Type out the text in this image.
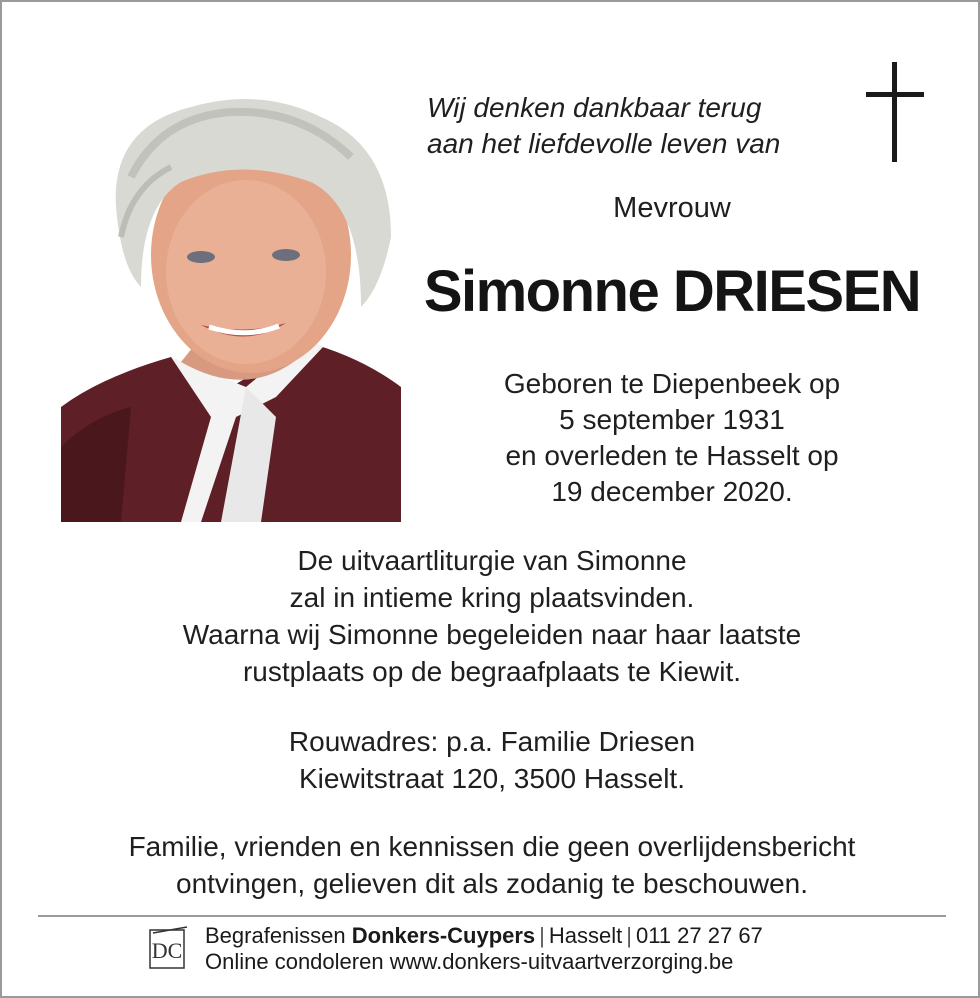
Wij denken dankbaar terug
aan het liefdevolle leven van
Mevrouw
Simonne DRIESEN
Geboren te Diepenbeek op
5 september 1931
en overleden te Hasselt op
19 december 2020.
De uitvaartliturgie van Simonne
zal in intieme kring plaatsvinden.
Waarna wij Simonne begeleiden naar haar laatste
rustplaats op de begraafplaats te Kiewit.
Rouwadres: p.a. Familie Driesen
Kiewitstraat 120, 3500 Hasselt.
Familie, vrienden en kennissen die geen overlijdensbericht
ontvingen, gelieven dit als zodanig te beschouwen.
DC
Begrafenissen Donkers-Cuypers | Hasselt | 011 27 27 67
Online condoleren www.donkers-uitvaartverzorging.be
